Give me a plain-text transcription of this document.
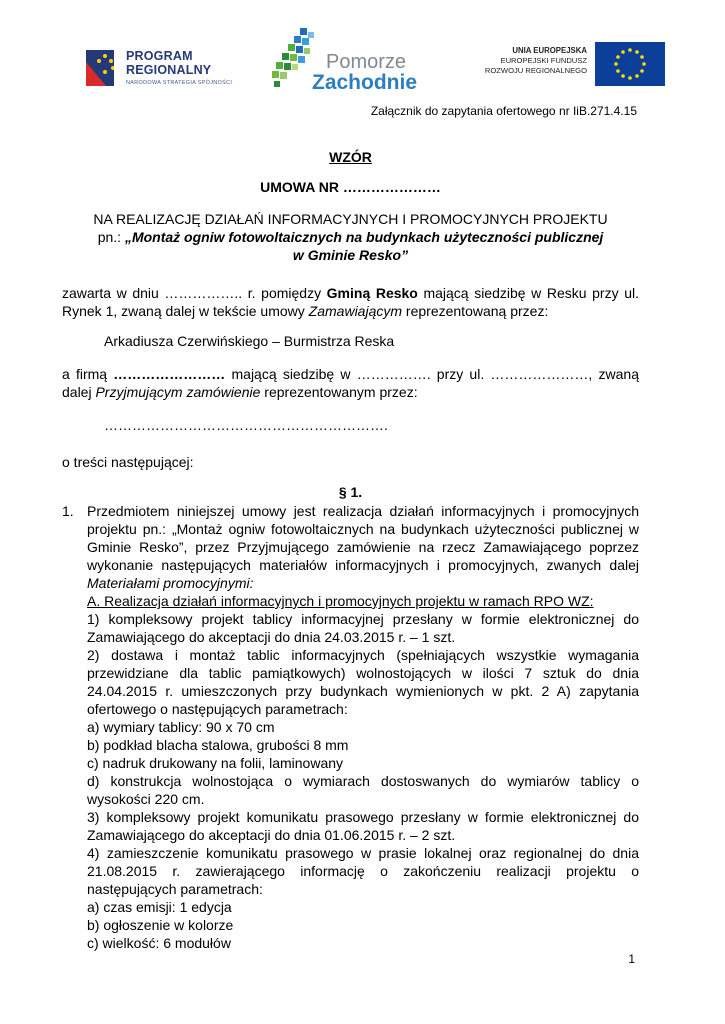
PROGRAM
REGIONALNY
NARODOWA STRATEGIA SPÓJNOŚCI
Pomorze
Zachodnie
UNIA EUROPEJSKA
EUROPEJSKI FUNDUSZ
ROZWOJU REGIONALNEGO
Załącznik do zapytania ofertowego nr IiB.271.4.15
WZÓR
UMOWA NR …………………
NA REALIZACJĘ DZIAŁAŃ INFORMACYJNYCH I PROMOCYJNYCH PROJEKTU
pn.: „Montaż ogniw fotowoltaicznych na budynkach użyteczności publicznej
w Gminie Resko”
zawarta w dniu …………….. r. pomiędzy Gminą Resko mającą siedzibę w Resku przy ul. Rynek 1, zwaną dalej w tekście umowy Zamawiającym reprezentowaną przez:
Arkadiusza Czerwińskiego – Burmistrza Reska
a firmą …………………… mającą siedzibę w ……………. przy ul. …………………, zwaną dalej Przyjmującym zamówienie reprezentowanym przez:
…………………………………………………….
o treści następującej:
§ 1.
1. Przedmiotem niniejszej umowy jest realizacja działań informacyjnych i promocyjnych projektu pn.: „Montaż ogniw fotowoltaicznych na budynkach użyteczności publicznej w Gminie Resko”, przez Przyjmującego zamówienie na rzecz Zamawiającego poprzez wykonanie następujących materiałów informacyjnych i promocyjnych, zwanych dalej Materiałami promocyjnymi:
A. Realizacja działań informacyjnych i promocyjnych projektu w ramach RPO WZ:
1) kompleksowy projekt tablicy informacyjnej przesłany w formie elektronicznej do Zamawiającego do akceptacji do dnia 24.03.2015 r. – 1 szt.
2) dostawa i montaż tablic informacyjnych (spełniających wszystkie wymagania przewidziane dla tablic pamiątkowych) wolnostojących w ilości 7 sztuk do dnia 24.04.2015 r. umieszczonych przy budynkach wymienionych w pkt. 2 A) zapytania ofertowego o następujących parametrach:
a) wymiary tablicy: 90 x 70 cm
b) podkład blacha stalowa, grubości 8 mm
c) nadruk drukowany na folii, laminowany
d) konstrukcja wolnostojąca o wymiarach dostoswanych do wymiarów tablicy o wysokości 220 cm.
3) kompleksowy projekt komunikatu prasowego przesłany w formie elektronicznej do Zamawiającego do akceptacji do dnia 01.06.2015 r. – 2 szt.
4) zamieszczenie komunikatu prasowego w prasie lokalnej oraz regionalnej do dnia 21.08.2015 r. zawierającego informację o zakończeniu realizacji projektu o następujących parametrach:
a) czas emisji: 1 edycja
b) ogłoszenie w kolorze
c) wielkość: 6 modułów
1
